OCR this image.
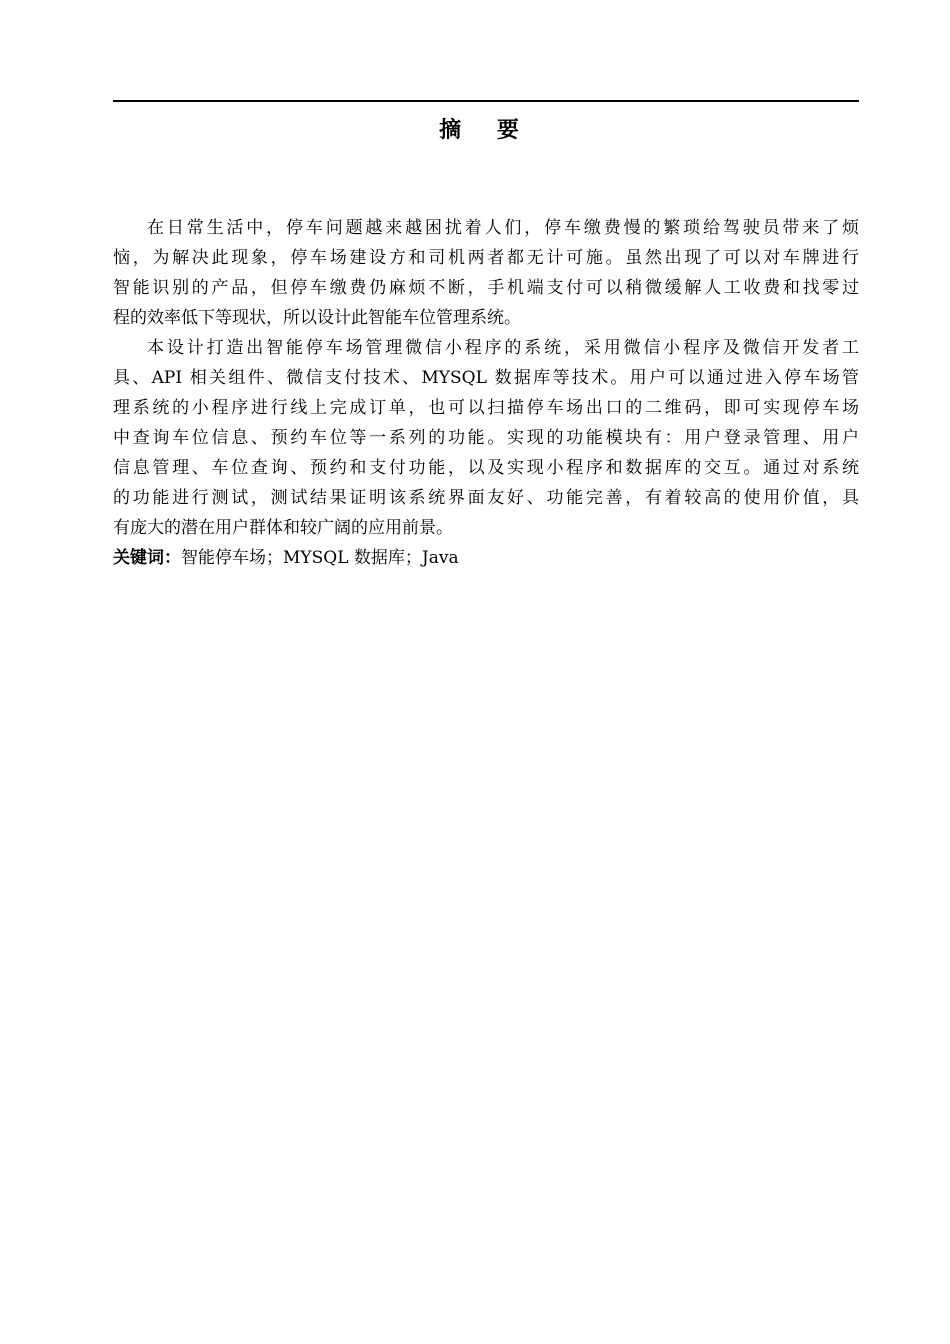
摘 要

在日常生活中，停车问题越来越困扰着人们，停车缴费慢的繁琐给驾驶员带来了烦
恼，为解决此现象，停车场建设方和司机两者都无计可施。虽然出现了可以对车牌进行
智能识别的产品，但停车缴费仍麻烦不断，手机端支付可以稍微缓解人工收费和找零过
程的效率低下等现状，所以设计此智能车位管理系统。

本设计打造出智能停车场管理微信小程序的系统，采用微信小程序及微信开发者工
具、API 相关组件、微信支付技术、MYSQL 数据库等技术。用户可以通过进入停车场管
理系统的小程序进行线上完成订单，也可以扫描停车场出口的二维码，即可实现停车场
中查询车位信息、预约车位等一系列的功能。实现的功能模块有：用户登录管理、用户
信息管理、车位查询、预约和支付功能，以及实现小程序和数据库的交互。通过对系统
的功能进行测试，测试结果证明该系统界面友好、功能完善，有着较高的使用价值，具
有庞大的潜在用户群体和较广阔的应用前景。

关键词：智能停车场；MYSQL 数据库；Java
